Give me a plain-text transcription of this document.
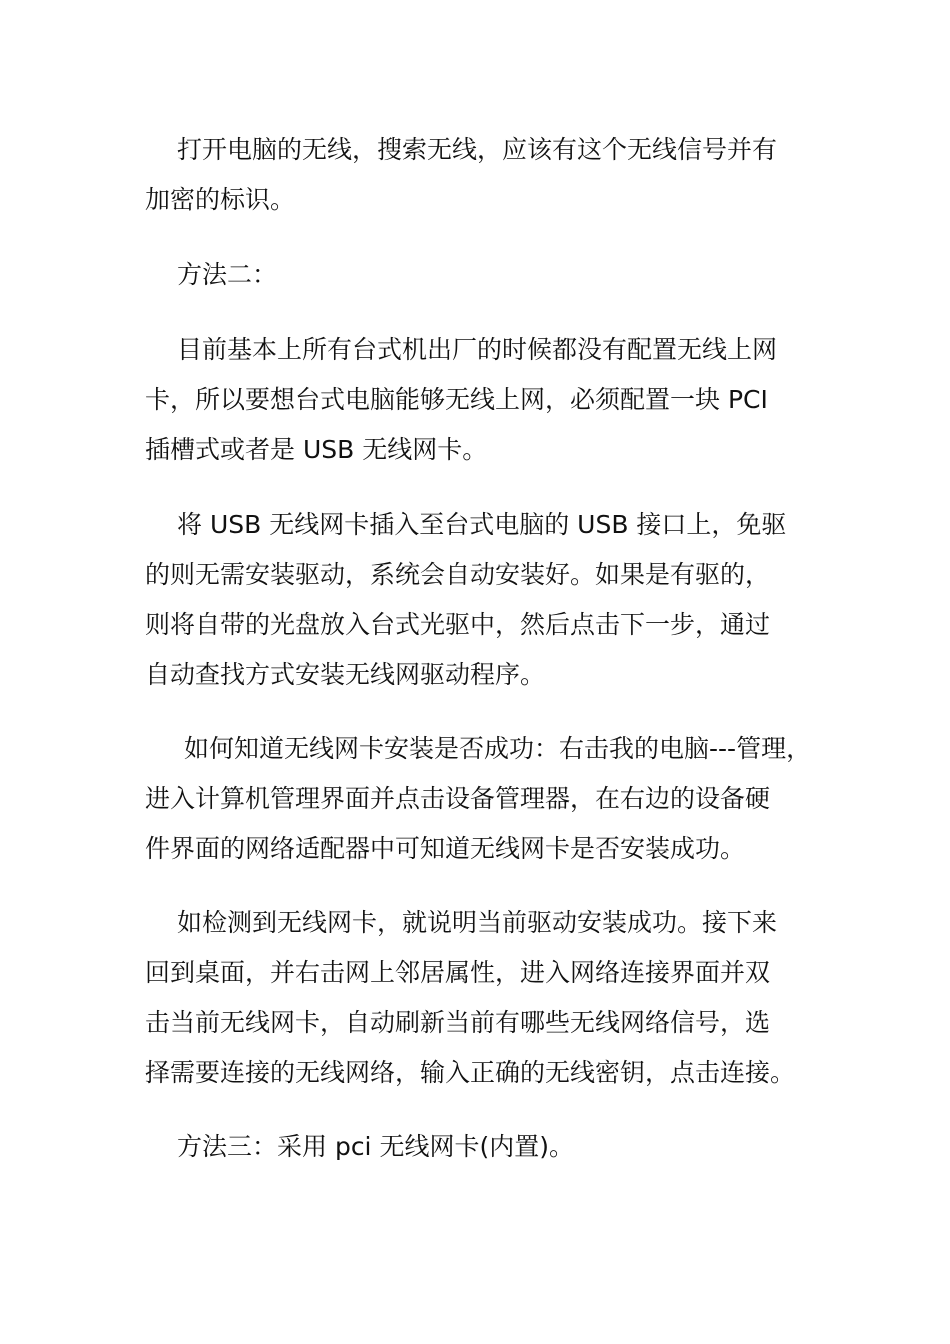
打开电脑的无线，搜索无线，应该有这个无线信号并有
加密的标识。
方法二：
目前基本上所有台式机出厂的时候都没有配置无线上网
卡，所以要想台式电脑能够无线上网，必须配置一块 PCI
插槽式或者是 USB 无线网卡。
将 USB 无线网卡插入至台式电脑的 USB 接口上，免驱
的则无需安装驱动，系统会自动安装好。如果是有驱的，
则将自带的光盘放入台式光驱中，然后点击下一步，通过
自动查找方式安装无线网驱动程序。
如何知道无线网卡安装是否成功：右击我的电脑---管理，
进入计算机管理界面并点击设备管理器，在右边的设备硬
件界面的网络适配器中可知道无线网卡是否安装成功。
如检测到无线网卡，就说明当前驱动安装成功。接下来
回到桌面，并右击网上邻居属性，进入网络连接界面并双
击当前无线网卡，自动刷新当前有哪些无线网络信号，选
择需要连接的无线网络，输入正确的无线密钥，点击连接。
方法三：采用 pci 无线网卡(内置)。
